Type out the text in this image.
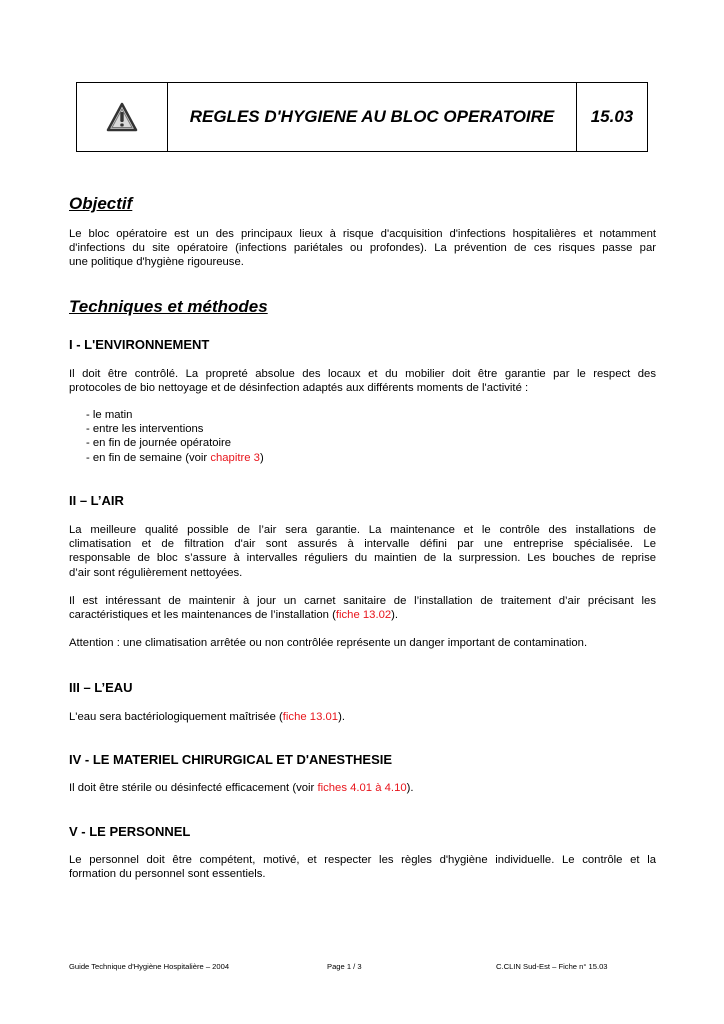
REGLES D'HYGIENE AU BLOC OPERATOIRE	15.03
Objectif
Le bloc opératoire est un des principaux lieux à risque d'acquisition d'infections hospitalières et notamment
d'infections du site opératoire (infections pariétales ou profondes). La prévention de ces risques passe par
une politique d'hygiène rigoureuse.
Techniques et méthodes
I - L'ENVIRONNEMENT
Il doit être contrôlé. La propreté absolue des locaux et du mobilier doit être garantie par le respect des
protocoles de bio nettoyage et de désinfection adaptés aux différents moments de l'activité :
- le matin
- entre les interventions
- en fin de journée opératoire
- en fin de semaine (voir chapitre 3)
II – L’AIR
La meilleure qualité possible de l’air sera garantie. La maintenance et le contrôle des installations de
climatisation et de filtration d'air sont assurés à intervalle défini par une entreprise spécialisée. Le
responsable de bloc s’assure à intervalles réguliers du maintien de la surpression. Les bouches de reprise
d’air sont régulièrement nettoyées.
Il est intéressant de maintenir à jour un carnet sanitaire de l’installation de traitement d’air précisant les
caractéristiques et les maintenances de l’installation (fiche 13.02).
Attention : une climatisation arrêtée ou non contrôlée représente un danger important de contamination.
III – L’EAU
L'eau sera bactériologiquement maîtrisée (fiche 13.01).
IV - LE MATERIEL CHIRURGICAL ET D'ANESTHESIE
Il doit être stérile ou désinfecté efficacement (voir fiches 4.01 à 4.10).
V - LE PERSONNEL
Le personnel doit être compétent, motivé, et respecter les règles d'hygiène individuelle. Le contrôle et la
formation du personnel sont essentiels.
Guide Technique d'Hygiène Hospitalière – 2004	Page 1 / 3	C.CLIN Sud-Est – Fiche n° 15.03
